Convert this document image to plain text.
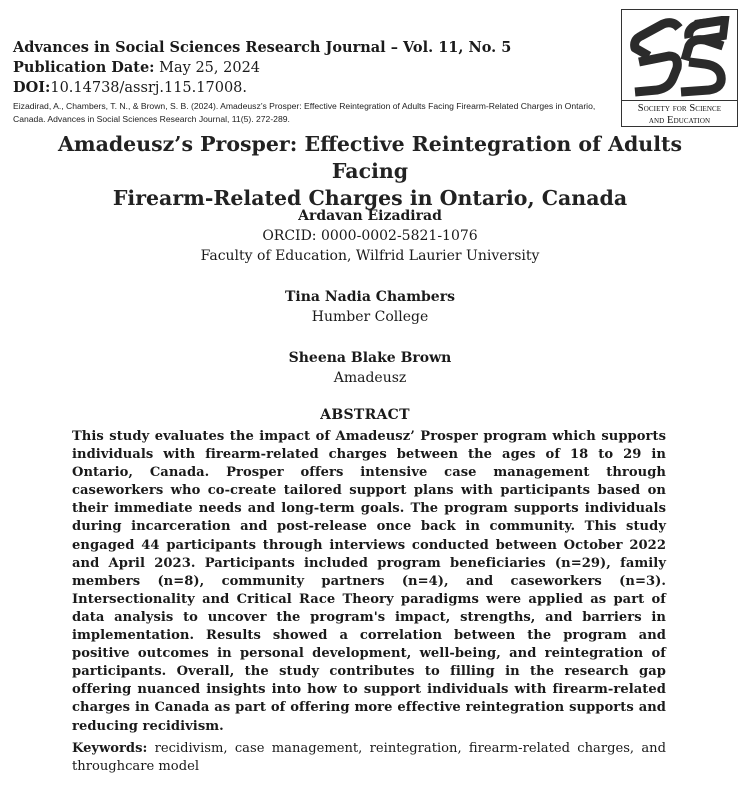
Advances in Social Sciences Research Journal – Vol. 11, No. 5
Publication Date: May 25, 2024
DOI:10.14738/assrj.115.17008.
Eizadirad, A., Chambers, T. N., & Brown, S. B. (2024). Amadeusz’s Prosper: Effective Reintegration of Adults Facing Firearm-Related Charges in Ontario, Canada. Advances in Social Sciences Research Journal, 11(5). 272-289.
Society for Science
and Education
Amadeusz’s Prosper: Effective Reintegration of Adults Facing
Firearm-Related Charges in Ontario, Canada
Ardavan Eizadirad
ORCID: 0000-0002-5821-1076
Faculty of Education, Wilfrid Laurier University
Tina Nadia Chambers
Humber College
Sheena Blake Brown
Amadeusz
ABSTRACT
This study evaluates the impact of Amadeusz’ Prosper program which supports individuals with firearm-related charges between the ages of 18 to 29 in Ontario, Canada. Prosper offers intensive case management through caseworkers who co-create tailored support plans with participants based on their immediate needs and long-term goals. The program supports individuals during incarceration and post-release once back in community. This study engaged 44 participants through interviews conducted between October 2022 and April 2023. Participants included program beneficiaries (n=29), family members (n=8), community partners (n=4), and caseworkers (n=3). Intersectionality and Critical Race Theory paradigms were applied as part of data analysis to uncover the program's impact, strengths, and barriers in implementation. Results showed a correlation between the program and positive outcomes in personal development, well-being, and reintegration of participants. Overall, the study contributes to filling in the research gap offering nuanced insights into how to support individuals with firearm-related charges in Canada as part of offering more effective reintegration supports and reducing recidivism.
Keywords: recidivism, case management, reintegration, firearm-related charges, and throughcare model
